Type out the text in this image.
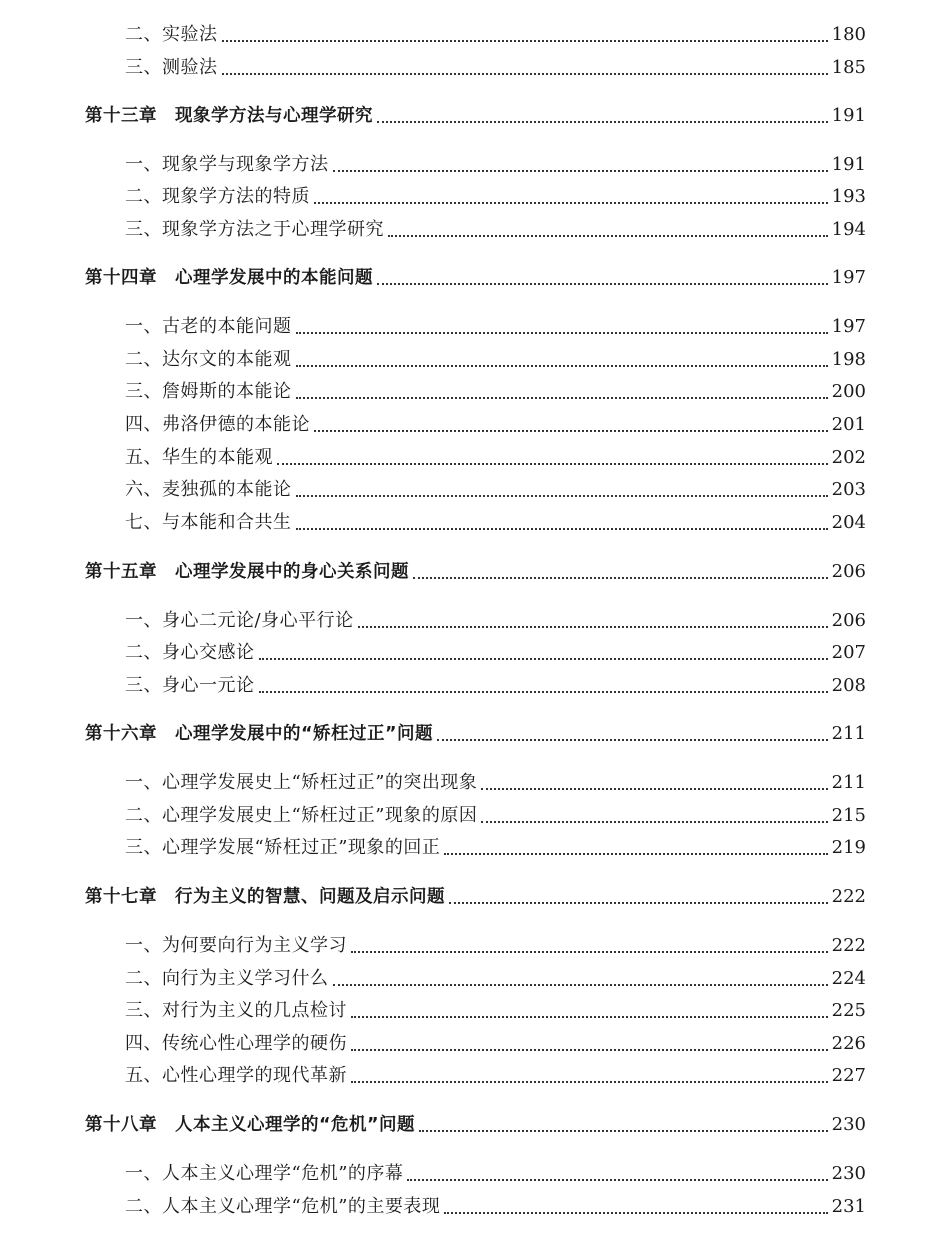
二、实验法	180
三、测验法	185
第十三章　现象学方法与心理学研究	191
一、现象学与现象学方法	191
二、现象学方法的特质	193
三、现象学方法之于心理学研究	194
第十四章　心理学发展中的本能问题	197
一、古老的本能问题	197
二、达尔文的本能观	198
三、詹姆斯的本能论	200
四、弗洛伊德的本能论	201
五、华生的本能观	202
六、麦独孤的本能论	203
七、与本能和合共生	204
第十五章　心理学发展中的身心关系问题	206
一、身心二元论/身心平行论	206
二、身心交感论	207
三、身心一元论	208
第十六章　心理学发展中的“矫枉过正”问题	211
一、心理学发展史上“矫枉过正”的突出现象	211
二、心理学发展史上“矫枉过正”现象的原因	215
三、心理学发展“矫枉过正”现象的回正	219
第十七章　行为主义的智慧、问题及启示问题	222
一、为何要向行为主义学习	222
二、向行为主义学习什么	224
三、对行为主义的几点检讨	225
四、传统心性心理学的硬伤	226
五、心性心理学的现代革新	227
第十八章　人本主义心理学的“危机”问题	230
一、人本主义心理学“危机”的序幕	230
二、人本主义心理学“危机”的主要表现	231
